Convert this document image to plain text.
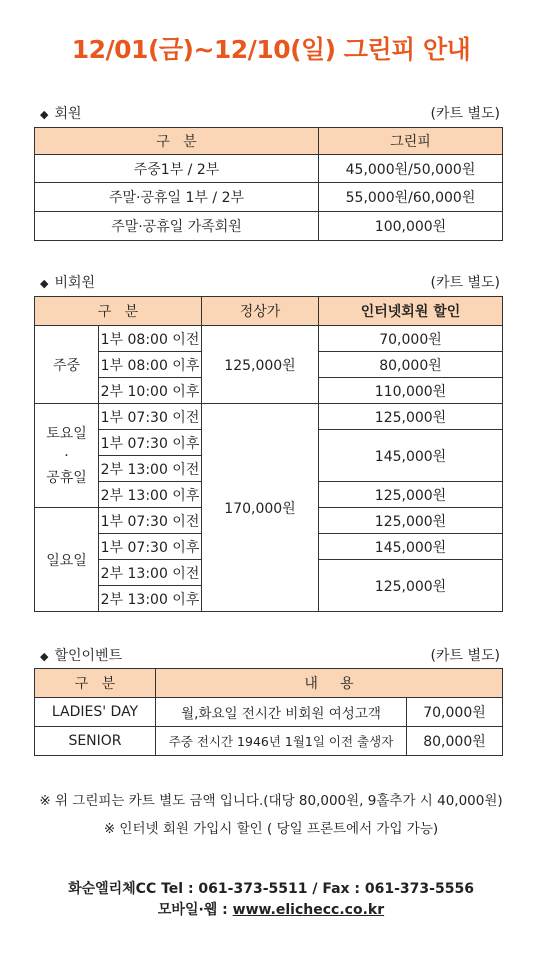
12/01(금)~12/10(일) 그린피 안내
◆ 회원	(카트 별도)
구   분	그린피
주중1부 / 2부	45,000원/50,000원
주말·공휴일 1부 / 2부	55,000원/60,000원
주말·공휴일 가족회원	100,000원
◆ 비회원	(카트 별도)
구   분		정상가	인터넷회원 할인
주중	1부 08:00 이전	125,000원	70,000원
	1부 08:00 이후		80,000원
	2부 10:00 이후		110,000원

토요일
·
공휴일	1부 07:30 이전	170,000원	125,000원
	1부 07:30 이후		145,000원
	2부 13:00 이전		
	2부 13:00 이후		125,000원
일요일	1부 07:30 이전		125,000원
	1부 07:30 이후		145,000원
	2부 13:00 이전		125,000원
	2부 13:00 이후		
◆ 할인이벤트	(카트 별도)
구   분	내     용	
LADIES' DAY	월,화요일 전시간 비회원 여성고객	70,000원
SENIOR	주중 전시간 1946년 1월1일 이전 출생자	80,000원
※ 위 그린피는 카트 별도 금액 입니다.(대당 80,000원, 9홀추가 시 40,000원)
※ 인터넷 회원 가입시 할인 ( 당일 프론트에서 가입 가능)
화순엘리체CC Tel : 061-373-5511 / Fax : 061-373-5556
모바일·웹 : www.elichecc.co.kr
